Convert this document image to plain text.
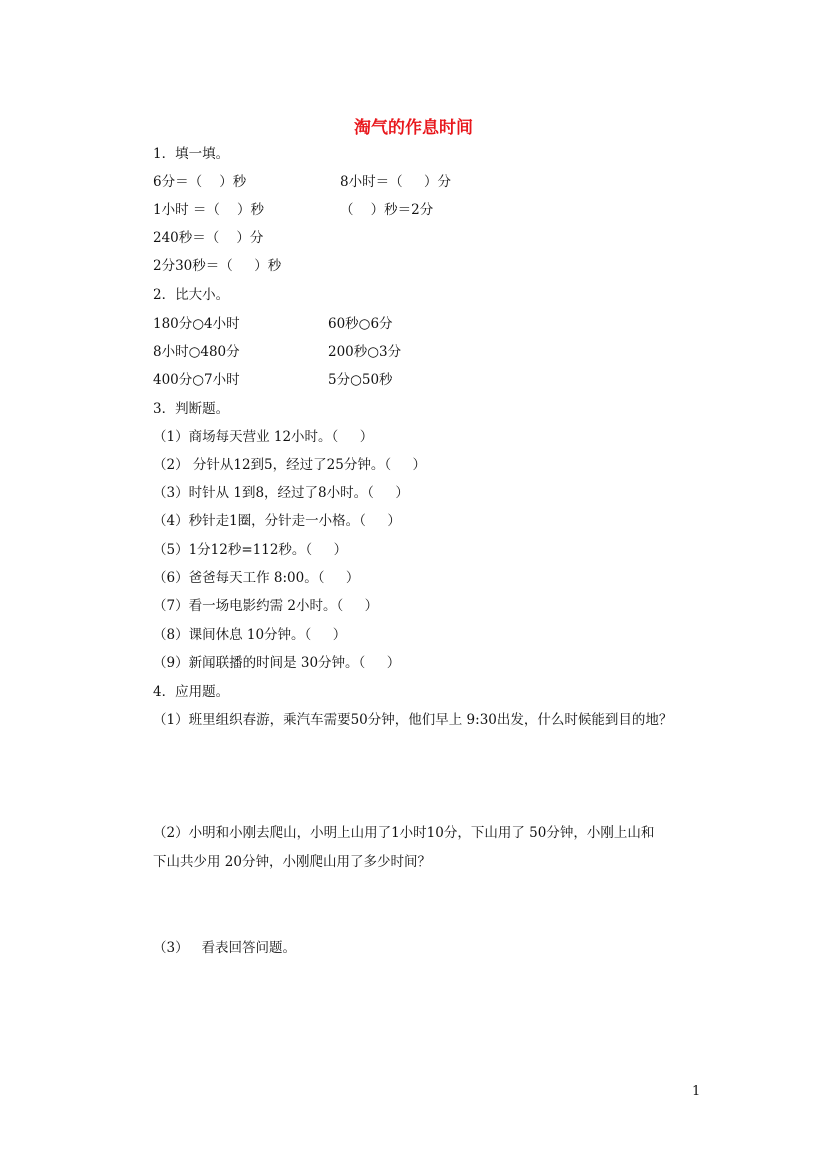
淘气的作息时间
1．填一填。
6分＝（    ）秒	8小时＝（     ）分
1小时 ＝（    ）秒	（    ）秒＝2分
240秒＝（    ）分
2分30秒＝（     ）秒
2．比大小。
180分○4小时	60秒○6分
8小时○480分	200秒○3分
400分○7小时	5分○50秒
3．判断题。
（1）商场每天营业 12小时。（     ）
（2） 分针从12到5，经过了25分钟。（     ）
（3）时针从 1到8，经过了8小时。（     ）
（4）秒针走1圈，分针走一小格。（     ）
（5）1分12秒=112秒。（     ）
（6）爸爸每天工作 8:00。（     ）
（7）看一场电影约需 2小时。（     ）
（8）课间休息 10分钟。（     ）
（9）新闻联播的时间是 30分钟。（     ）
4．应用题。
（1）班里组织春游，乘汽车需要50分钟，他们早上 9:30出发，什么时候能到目的地？
（2）小明和小刚去爬山，小明上山用了1小时10分，下山用了 50分钟，小刚上山和
下山共少用 20分钟，小刚爬山用了多少时间？
（3）   看表回答问题。
1
